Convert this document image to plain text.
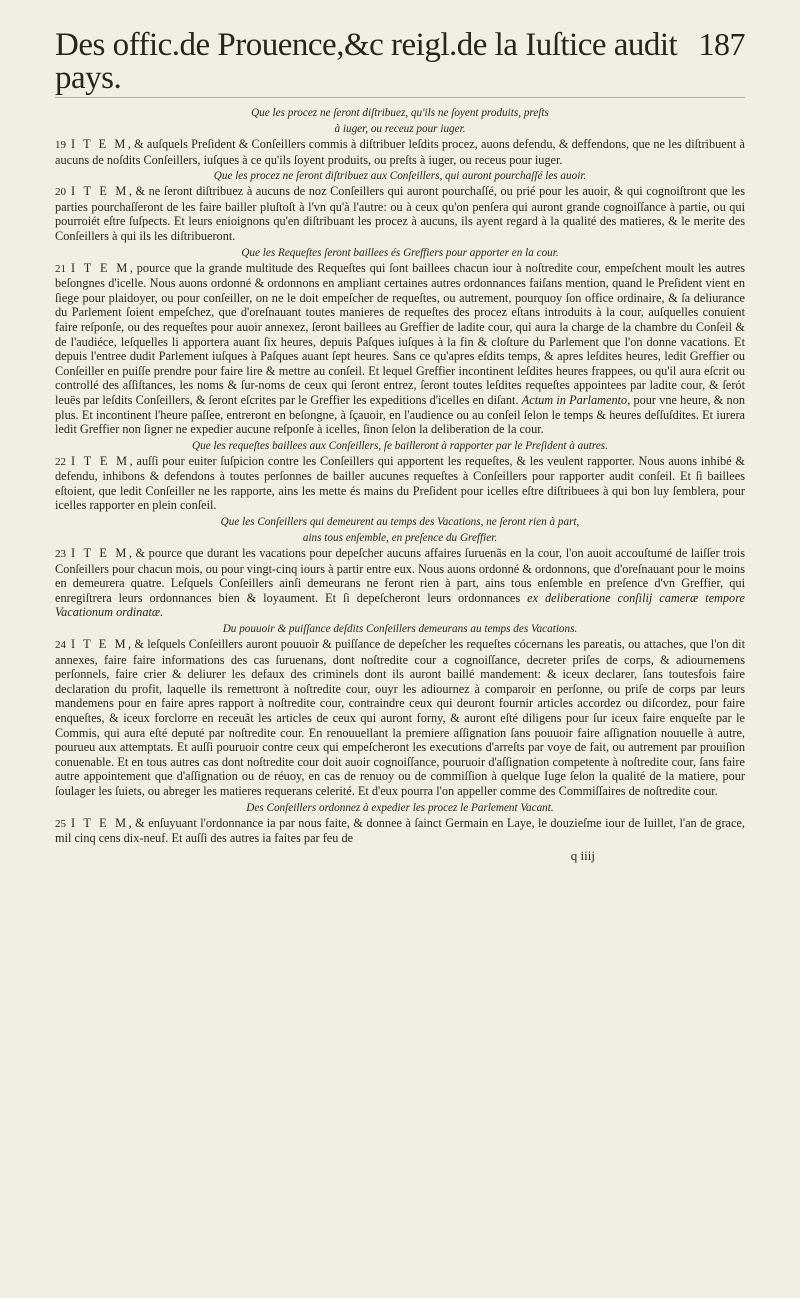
Des offic.de Prouence,&c reigl.de la Iuſtice audit pays.
187
Que les procez ne ſeront diſtribuez, qu'ils ne ſoyent produits, preſts
à iuger, ou receuz pour iuger.

19 I T E M, & auſquels Preſident & Conſeillers commis à diſtribuer leſdits procez, auons defendu, & deffendons, que ne les diſtribuent à aucuns de noſdits Conſeillers, iuſques à ce qu'ils ſoyent produits, ou preſts à iuger, ou receus pour iuger.

Que les procez ne ſeront diſtribuez aux Conſeillers, qui auront pourchaſſé les auoir.

20 I T E M, & ne ſeront diſtribuez à aucuns de noz Conſeillers qui auront pourchaſſé, ou prié pour les auoir, & qui cognoiſtront que les parties pourchaſſeront de les faire bailler pluſtoſt à l'vn qu'à l'autre: ou à ceux qu'on penſera qui auront grande cognoiſſance à partie, ou qui pourroiét eſtre ſuſpects. Et leurs enioignons qu'en diſtribuant les procez à aucuns, ils ayent regard à la qualité des matieres, & le merite des Conſeillers à qui ils les diſtribueront.

Que les Requeſtes ſeront baillees és Greffiers pour apporter en la cour.

21 I T E M, pource que la grande multitude des Requeſtes qui ſont baillees chacun iour à noſtredite cour, empeſchent moult les autres beſongnes d'icelle. Nous auons ordonné & ordonnons en ampliant certaines autres ordonnances faiſans mention, quand le Preſident vient en ſiege pour plaidoyer, ou pour conſeiller, on ne le doit empeſcher de requeſtes, ou autrement, pourquoy ſon office ordinaire, & ſa deliurance du Parlement ſoient empeſchez, que d'oreſnauant toutes manieres de requeſtes des procez eſtans introduits à la cour, auſquelles conuient faire reſponſe, ou des requeſtes pour auoir annexez, ſeront baillees au Greffier de ladite cour, qui aura la charge de la chambre du Conſeil & de l'audiéce, leſquelles li apportera auant ſix heures, depuis Paſques iuſques à la fin & cloſture du Parlement que l'on donne vacations. Et depuis l'entree dudit Parlement iuſques à Paſques auant ſept heures. Sans ce qu'apres eſdits temps, & apres leſdites heures, ledit Greffier ou Conſeiller en puiſſe prendre pour faire lire & mettre au conſeil. Et lequel Greffier incontinent leſdites heures frappees, ou qu'il aura eſcrit ou controllé des aſſiſtances, les noms & ſur-noms de ceux qui ſeront entrez, ſeront toutes leſdites requeſtes appointees par ladite cour, & ſerót leuës par leſdits Conſeillers, & ſeront eſcrites par le Greffier les expeditions d'icelles en diſant. Actum in Parlamento, pour vne heure, & non plus. Et incontinent l'heure paſſee, entreront en beſongne, à ſçauoir, en l'audience ou au conſeil ſelon le temps & heures deſſuſdites. Et iurera ledit Greffier non ſigner ne expedier aucune reſponſe à icelles, ſinon ſelon la deliberation de la cour.

Que les requeſtes baillees aux Conſeillers, ſe bailleront à rapporter par le Preſident à autres.

22 I T E M, auſſi pour euiter ſuſpicion contre les Conſeillers qui apportent les requeſtes, & les veulent rapporter. Nous auons inhibé & defendu, inhibons & defendons à toutes perſonnes de bailler aucunes requeſtes à Conſeillers pour rapporter audit conſeil. Et ſi baillees eſtoient, que ledit Conſeiller ne les rapporte, ains les mette és mains du Preſident pour icelles eſtre diſtribuees à qui bon luy ſemblera, pour icelles rapporter en plein conſeil.

Que les Conſeillers qui demeurent au temps des Vacations, ne ſeront rien à part,
ains tous enſemble, en preſence du Greffier.

23 I T E M, & pource que durant les vacations pour depeſcher aucuns affaires ſuruenãs en la cour, l'on auoit accouſtumé de laiſſer trois Conſeillers pour chacun mois, ou pour vingt-cinq iours à partir entre eux. Nous auons ordonné & ordonnons, que d'oreſnauant pour le moins en demeurera quatre. Leſquels Conſeillers ainſi demeurans ne feront rien à part, ains tous enſemble en preſence d'vn Greffier, qui enregiſtrera leurs ordonnances bien & loyaument. Et ſi depeſcheront leurs ordonnances ex deliberatione conſilij cameræ tempore Vacationum ordinatæ.

Du pouuoir & puiſſance deſdits Conſeillers demeurans au temps des Vacations.

24 I T E M, & leſquels Conſeillers auront pouuoir & puiſſance de depeſcher les requeſtes cócernans les pareatis, ou attaches, que l'on dit annexes, faire faire informations des cas ſuruenans, dont noſtredite cour a cognoiſſance, decreter priſes de corps, & adiournemens perſonnels, faire crier & deliurer les defaux des criminels dont ils auront baillé mandement: & iceux declarer, ſans toutesfois faire declaration du profit, laquelle ils remettront à noſtredite cour, ouyr les adiournez à comparoir en perſonne, ou priſe de corps par leurs mandemens pour en faire apres rapport à noſtredite cour, contraindre ceux qui deuront fournir articles accordez ou diſcordez, pour faire enqueſtes, & iceux forclorre en receuãt les articles de ceux qui auront forny, & auront eſté diligens pour ſur iceux faire enqueſte par le Commis, qui aura eſté deputé par noſtredite cour. En renouuellant la premiere aſſignation ſans pouuoir faire aſſignation nouuelle à autre, pourueu aux attemptats. Et auſſi pouruoir contre ceux qui empeſcheront les executions d'arreſts par voye de fait, ou autrement par prouiſion conuenable. Et en tous autres cas dont noſtredite cour doit auoir cognoiſſance, pouruoir d'aſſignation competente à noſtredite cour, ſans faire autre appointement que d'aſſignation ou de réuoy, en cas de renuoy ou de commiſſion à quelque Iuge ſelon la qualité de la matiere, pour ſoulager les ſuiets, ou abreger les matieres requerans celerité. Et d'eux pourra l'on appeller comme des Commiſſaires de noſtredite cour.

Des Conſeillers ordonnez à expedier les procez le Parlement Vacant.

25 I T E M, & enſuyuant l'ordonnance ia par nous faite, & donnee à ſainct Germain en Laye, le douzieſme iour de Iuillet, l'an de grace, mil cinq cens dix-neuf. Et auſſi des autres ia faites par feu de

q iiij
